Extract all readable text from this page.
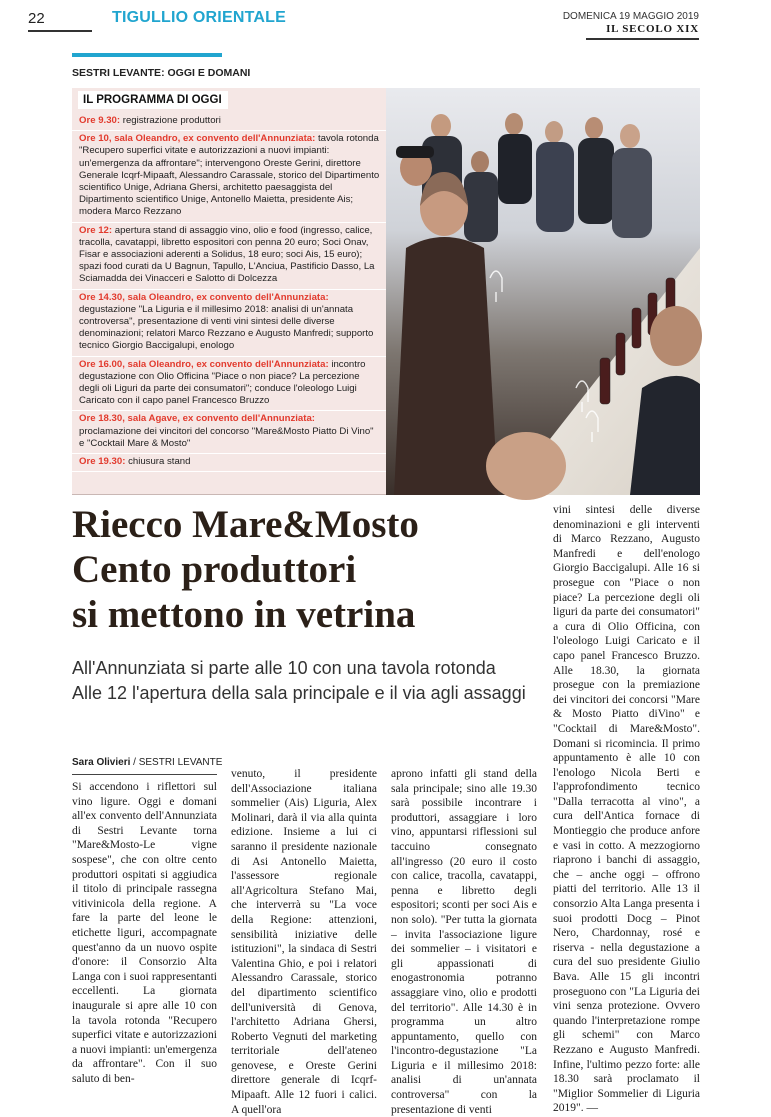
22	TIGULLIO ORIENTALE	DOMENICA 19 MAGGIO 2019
IL SECOLO XIX
SESTRI LEVANTE: OGGI E DOMANI
IL PROGRAMMA DI OGGI
Ore 9.30: registrazione produttori
Ore 10, sala Oleandro, ex convento dell'Annunziata: tavola rotonda "Recupero superfici vitate e autorizzazioni a nuovi impianti: un'emergenza da affrontare"; intervengono Oreste Gerini, direttore Generale Icqrf-Mipaaft, Alessandro Carassale, storico del Dipartimento scientifico Unige, Adriana Ghersi, architetto paesaggista del Dipartimento scientifico Unige, Antonello Maietta, presidente Ais; modera Marco Rezzano
Ore 12: apertura stand di assaggio vino, olio e food (ingresso, calice, tracolla, cavatappi, libretto espositori con penna 20 euro; Soci Onav, Fisar e associazioni aderenti a Solidus, 18 euro; soci Ais, 15 euro); spazi food curati da U Bagnun, Tapullo, L'Anciua, Pastificio Dasso, La Sciamadda dei Vinacceri e Salotto di Dolcezza
Ore 14.30, sala Oleandro, ex convento dell'Annunziata: degustazione "La Liguria e il millesimo 2018: analisi di un'annata controversa", presentazione di venti vini sintesi delle diverse denominazioni; relatori Marco Rezzano e Augusto Manfredi; supporto tecnico Giorgio Baccigalupi, enologo
Ore 16.00, sala Oleandro, ex convento dell'Annunziata: incontro degustazione con Olio Officina "Piace o non piace? La percezione degli oli Liguri da parte dei consumatori"; conduce l'oleologo Luigi Caricato con il capo panel Francesco Bruzzo
Ore 18.30, sala Agave, ex convento dell'Annunziata: proclamazione dei vincitori del concorso "Mare&Mosto Piatto Di Vino" e "Cocktail Mare & Mosto"
Ore 19.30: chiusura stand
Riecco Mare&Mosto
Cento produttori
si mettono in vetrina
All'Annunziata si parte alle 10 con una tavola rotonda
Alle 12 l'apertura della sala principale e il via agli assaggi
Sara Olivieri / SESTRI LEVANTE
Si accendono i riflettori sul vino ligure. Oggi e domani all'ex convento dell'Annunziata di Sestri Levante torna "Mare&Mosto-Le vigne sospese", che con oltre cento produttori ospitati si aggiudica il titolo di principale rassegna vitivinicola della regione. A fare la parte del leone le etichette liguri, accompagnate quest'anno da un nuovo ospite d'onore: il Consorzio Alta Langa con i suoi rappresentanti eccellenti. La giornata inaugurale si apre alle 10 con la tavola rotonda "Recupero superfici vitate e autorizzazioni a nuovi impianti: un'emergenza da affrontare". Con il suo saluto di ben-
venuto, il presidente dell'Associazione italiana sommelier (Ais) Liguria, Alex Molinari, darà il via alla quinta edizione. Insieme a lui ci saranno il presidente nazionale di Asi Antonello Maietta, l'assessore regionale all'Agricoltura Stefano Mai, che interverrà su "La voce della Regione: attenzioni, sensibilità iniziative delle istituzioni", la sindaca di Sestri Valentina Ghio, e poi i relatori Alessandro Carassale, storico del dipartimento scientifico dell'università di Genova, l'architetto Adriana Ghersi, Roberto Vegnuti del marketing territoriale dell'ateneo genovese, e Oreste Gerini direttore generale di Icqrf-Mipaaft. Alle 12 fuori i calici. A quell'ora
aprono infatti gli stand della sala principale; sino alle 19.30 sarà possibile incontrare i produttori, assaggiare i loro vino, appuntarsi riflessioni sul taccuino consegnato all'ingresso (20 euro il costo con calice, tracolla, cavatappi, penna e libretto degli espositori; sconti per soci Ais e non solo). "Per tutta la giornata – invita l'associazione ligure dei sommelier – i visitatori e gli appassionati di enogastronomia potranno assaggiare vino, olio e prodotti del territorio". Alle 14.30 è in programma un altro appuntamento, quello con l'incontro-degustazione "La Liguria e il millesimo 2018: analisi di un'annata controversa" con la presentazione di venti
vini sintesi delle diverse denominazioni e gli interventi di Marco Rezzano, Augusto Manfredi e dell'enologo Giorgio Baccigalupi. Alle 16 si prosegue con "Piace o non piace? La percezione degli oli liguri da parte dei consumatori" a cura di Olio Officina, con l'oleologo Luigi Caricato e il capo panel Francesco Bruzzo. Alle 18.30, la giornata prosegue con la premiazione dei vincitori dei concorsi "Mare & Mosto Piatto diVino" e "Cocktail di Mare&Mosto". Domani si ricomincia. Il primo appuntamento è alle 10 con l'enologo Nicola Berti e l'approfondimento tecnico "Dalla terracotta al vino", a cura dell'Antica fornace di Montieggio che produce anfore e vasi in cotto. A mezzogiorno riaprono i banchi di assaggio, che – anche oggi – offrono piatti del territorio. Alle 13 il consorzio Alta Langa presenta i suoi prodotti Docg – Pinot Nero, Chardonnay, rosé e riserva - nella degustazione a cura del suo presidente Giulio Bava. Alle 15 gli incontri proseguono con "La Liguria dei vini senza protezione. Ovvero quando l'interpretazione rompe gli schemi" con Marco Rezzano e Augusto Manfredi. Infine, l'ultimo pezzo forte: alle 18.30 sarà proclamato il "Miglior Sommelier di Liguria 2019". —
